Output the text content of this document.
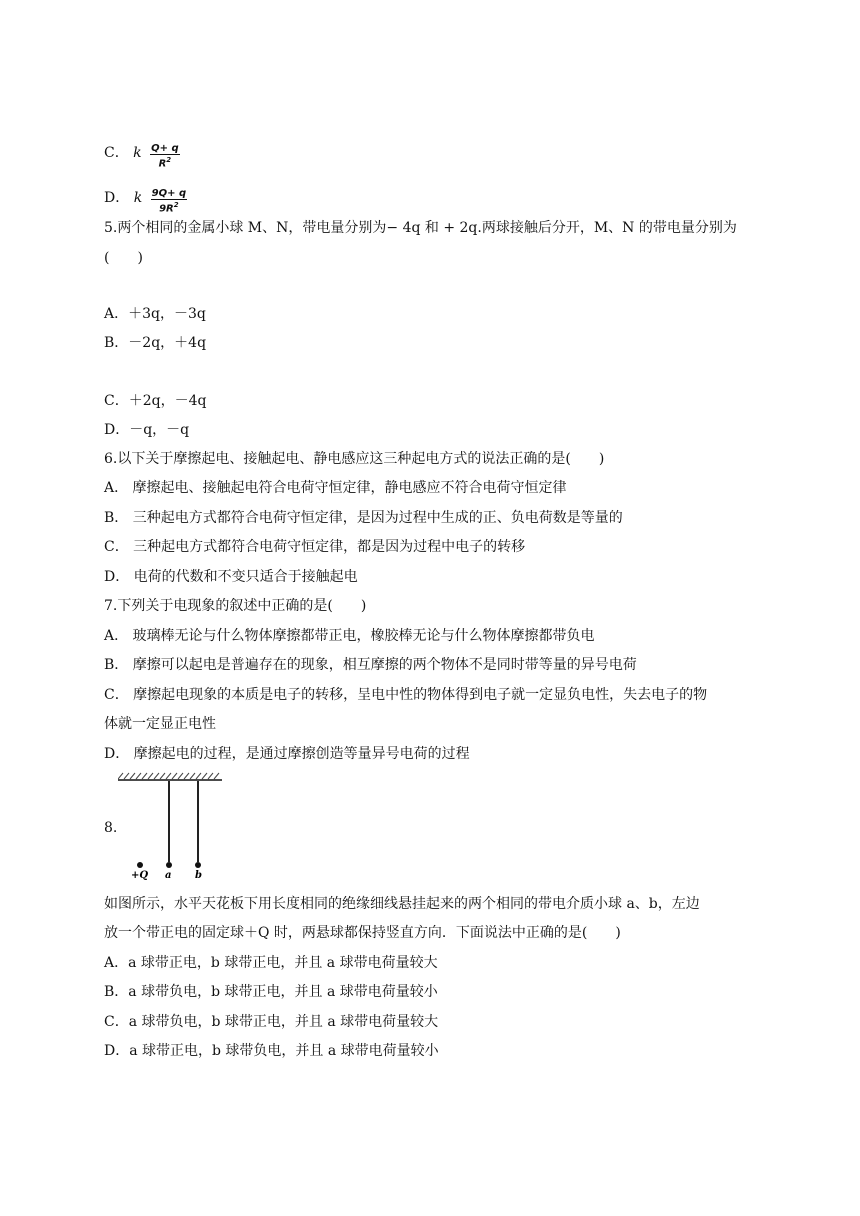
C． k $\frac{Q+ q}{R^2}$
D． k $\frac{9Q+ q}{9R^2}$
5.两个相同的金属小球 M、N，带电量分别为− 4q 和 + 2q.两球接触后分开，M、N 的带电量分别为
(　　)
A．＋3q，－3q
B．－2q，＋4q
C．＋2q，－4q
D．－q，－q
6.以下关于摩擦起电、接触起电、静电感应这三种起电方式的说法正确的是(　　)
A． 摩擦起电、接触起电符合电荷守恒定律，静电感应不符合电荷守恒定律
B． 三种起电方式都符合电荷守恒定律，是因为过程中生成的正、负电荷数是等量的
C． 三种起电方式都符合电荷守恒定律，都是因为过程中电子的转移
D． 电荷的代数和不变只适合于接触起电
7.下列关于电现象的叙述中正确的是(　　)
A． 玻璃棒无论与什么物体摩擦都带正电，橡胶棒无论与什么物体摩擦都带负电
B． 摩擦可以起电是普遍存在的现象，相互摩擦的两个物体不是同时带等量的异号电荷
C． 摩擦起电现象的本质是电子的转移，呈电中性的物体得到电子就一定显负电性，失去电子的物
体就一定显正电性
D． 摩擦起电的过程，是通过摩擦创造等量异号电荷的过程
+Q a b
8.
如图所示，水平天花板下用长度相同的绝缘细线悬挂起来的两个相同的带电介质小球 a、b，左边
放一个带正电的固定球＋Q 时，两悬球都保持竖直方向．下面说法中正确的是(　　)
A．a 球带正电，b 球带正电，并且 a 球带电荷量较大
B．a 球带负电，b 球带正电，并且 a 球带电荷量较小
C．a 球带负电，b 球带正电，并且 a 球带电荷量较大
D．a 球带正电，b 球带负电，并且 a 球带电荷量较小
